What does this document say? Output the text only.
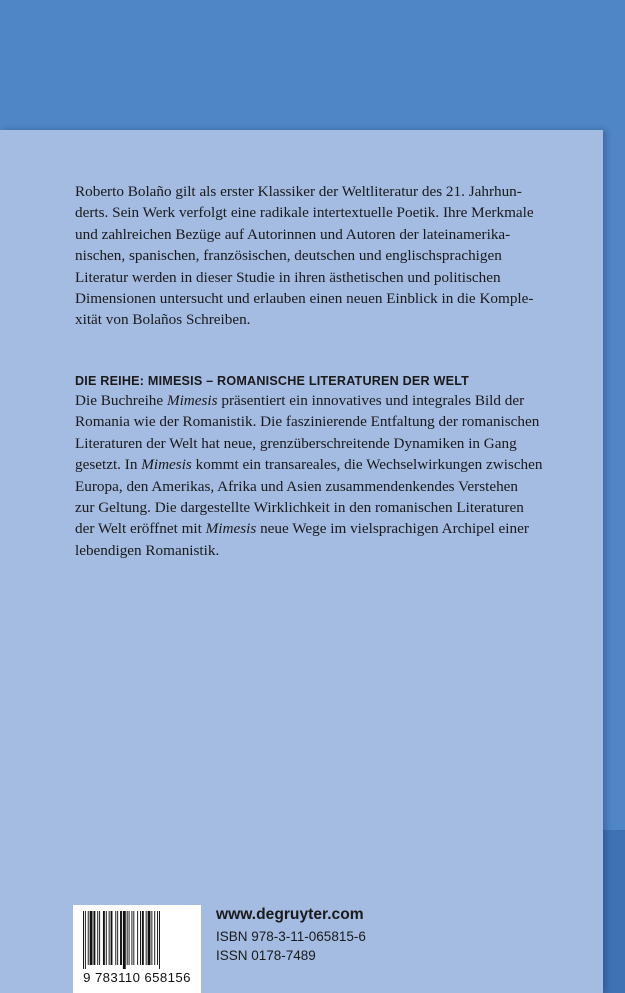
Roberto Bolaño gilt als erster Klassiker der Weltliteratur des 21. Jahrhun-
derts. Sein Werk verfolgt eine radikale intertextuelle Poetik. Ihre Merkmale
und zahlreichen Bezüge auf Autorinnen und Autoren der lateinamerika-
nischen, spanischen, französischen, deutschen und englischsprachigen
Literatur werden in dieser Studie in ihren ästhetischen und politischen
Dimensionen untersucht und erlauben einen neuen Einblick in die Komple-
xität von Bolaños Schreiben.

DIE REIHE: MIMESIS – ROMANISCHE LITERATUREN DER WELT

Die Buchreihe Mimesis präsentiert ein innovatives und integrales Bild der
Romania wie der Romanistik. Die faszinierende Entfaltung der romanischen
Literaturen der Welt hat neue, grenzüberschreitende Dynamiken in Gang
gesetzt. In Mimesis kommt ein transareales, die Wechselwirkungen zwischen
Europa, den Amerikas, Afrika und Asien zusammendenkendes Verstehen
zur Geltung. Die dargestellte Wirklichkeit in den romanischen Literaturen
der Welt eröffnet mit Mimesis neue Wege im vielsprachigen Archipel einer
lebendigen Romanistik.

9 783110 658156
www.degruyter.com
ISBN 978-3-11-065815-6
ISSN 0178-7489
